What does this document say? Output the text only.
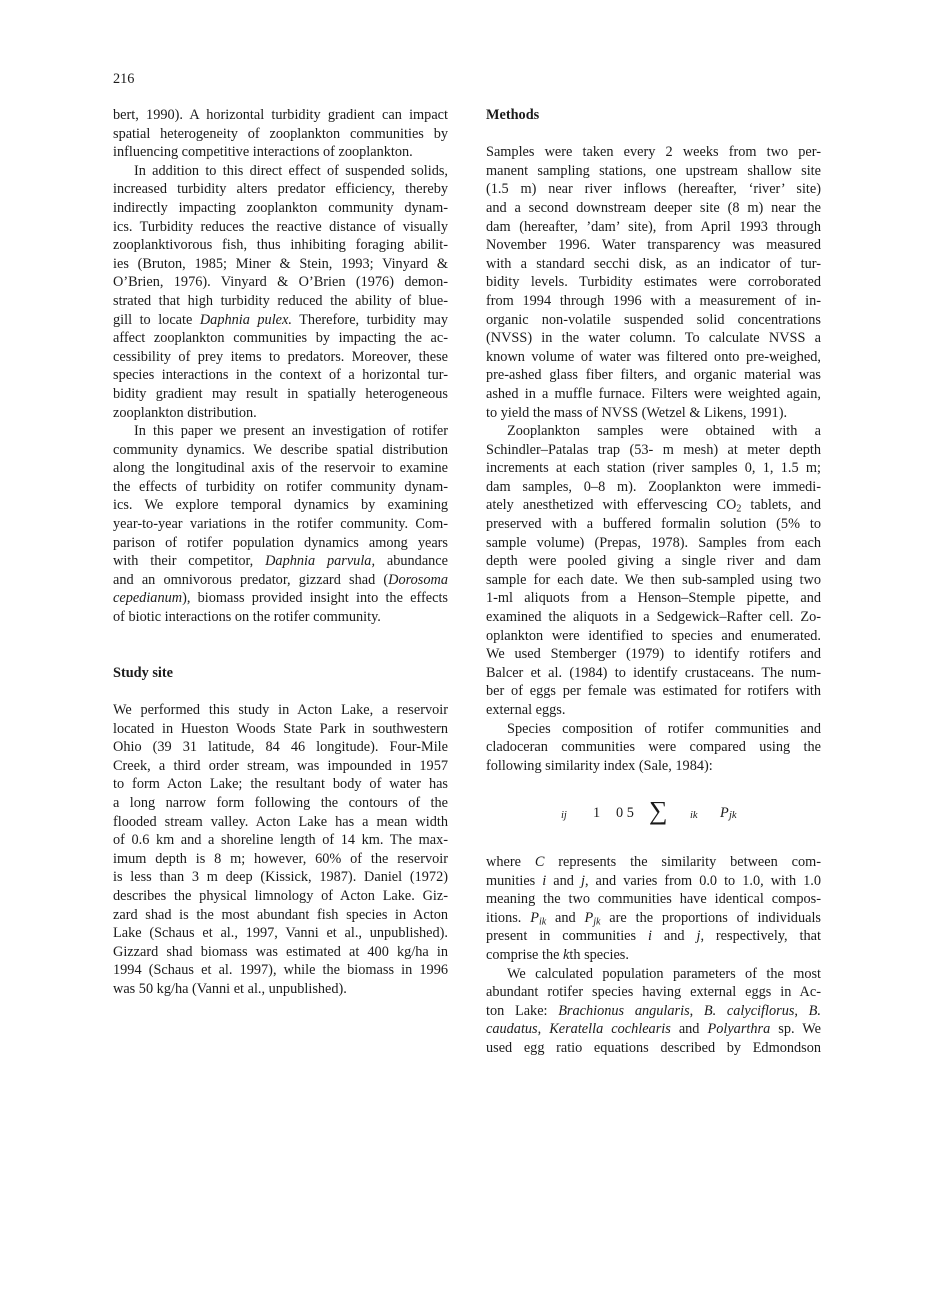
216
bert, 1990). A horizontal turbidity gradient can impact
spatial heterogeneity of zooplankton communities by
influencing competitive interactions of zooplankton.
In addition to this direct effect of suspended solids,
increased turbidity alters predator efficiency, thereby
indirectly impacting zooplankton community dynam-
ics. Turbidity reduces the reactive distance of visually
zooplanktivorous fish, thus inhibiting foraging abilit-
ies (Bruton, 1985; Miner & Stein, 1993; Vinyard &
O’Brien, 1976). Vinyard & O’Brien (1976) demon-
strated that high turbidity reduced the ability of blue-
gill to locate Daphnia pulex. Therefore, turbidity may
affect zooplankton communities by impacting the ac-
cessibility of prey items to predators. Moreover, these
species interactions in the context of a horizontal tur-
bidity gradient may result in spatially heterogeneous
zooplankton distribution.
In this paper we present an investigation of rotifer
community dynamics. We describe spatial distribution
along the longitudinal axis of the reservoir to examine
the effects of turbidity on rotifer community dynam-
ics. We explore temporal dynamics by examining
year-to-year variations in the rotifer community. Com-
parison of rotifer population dynamics among years
with their competitor, Daphnia parvula, abundance
and an omnivorous predator, gizzard shad (Dorosoma
cepedianum), biomass provided insight into the effects
of biotic interactions on the rotifer community.

Study site

We performed this study in Acton Lake, a reservoir
located in Hueston Woods State Park in southwestern
Ohio (39 31 latitude, 84 46 longitude). Four-Mile
Creek, a third order stream, was impounded in 1957
to form Acton Lake; the resultant body of water has
a long narrow form following the contours of the
flooded stream valley. Acton Lake has a mean width
of 0.6 km and a shoreline length of 14 km. The max-
imum depth is 8 m; however, 60% of the reservoir
is less than 3 m deep (Kissick, 1987). Daniel (1972)
describes the physical limnology of Acton Lake. Giz-
zard shad is the most abundant fish species in Acton
Lake (Schaus et al., 1997, Vanni et al., unpublished).
Gizzard shad biomass was estimated at 400 kg/ha in
1994 (Schaus et al. 1997), while the biomass in 1996
was 50 kg/ha (Vanni et al., unpublished).
Methods

Samples were taken every 2 weeks from two per-
manent sampling stations, one upstream shallow site
(1.5 m) near river inflows (hereafter, ‘river’ site)
and a second downstream deeper site (8 m) near the
dam (hereafter, ’dam’ site), from April 1993 through
November 1996. Water transparency was measured
with a standard secchi disk, as an indicator of tur-
bidity levels. Turbidity estimates were corroborated
from 1994 through 1996 with a measurement of in-
organic non-volatile suspended solid concentrations
(NVSS) in the water column. To calculate NVSS a
known volume of water was filtered onto pre-weighed,
pre-ashed glass fiber filters, and organic material was
ashed in a muffle furnace. Filters were weighted again,
to yield the mass of NVSS (Wetzel & Likens, 1991).
Zooplankton samples were obtained with a
Schindler–Patalas trap (53- m mesh) at meter depth
increments at each station (river samples 0, 1, 1.5 m;
dam samples, 0–8 m). Zooplankton were immedi-
ately anesthetized with effervescing $CO_2$ tablets, and
preserved with a buffered formalin solution (5% to
sample volume) (Prepas, 1978). Samples from each
depth were pooled giving a single river and dam
sample for each date. We then sub-sampled using two
1-ml aliquots from a Henson–Stemple pipette, and
examined the aliquots in a Sedgewick–Rafter cell. Zo-
oplankton were identified to species and enumerated.
We used Stemberger (1979) to identify rotifers and
Balcer et al. (1984) to identify crustaceans. The num-
ber of eggs per female was estimated for rotifers with
external eggs.
Species composition of rotifer communities and
cladoceran communities were compared using the
following similarity index (Sale, 1984):
ij 1 0 5 ∑ ik P jk
where C represents the similarity between com-
munities i and j, and varies from 0.0 to 1.0, with 1.0
meaning the two communities have identical compos-
itions. $P_{ik}$ and $P_{jk}$ are the proportions of individuals
present in communities i and j, respectively, that
comprise the kth species.
We calculated population parameters of the most
abundant rotifer species having external eggs in Ac-
ton Lake: Brachionus angularis, B. calyciflorus, B.
caudatus, Keratella cochlearis and Polyarthra sp. We
used egg ratio equations described by Edmondson
